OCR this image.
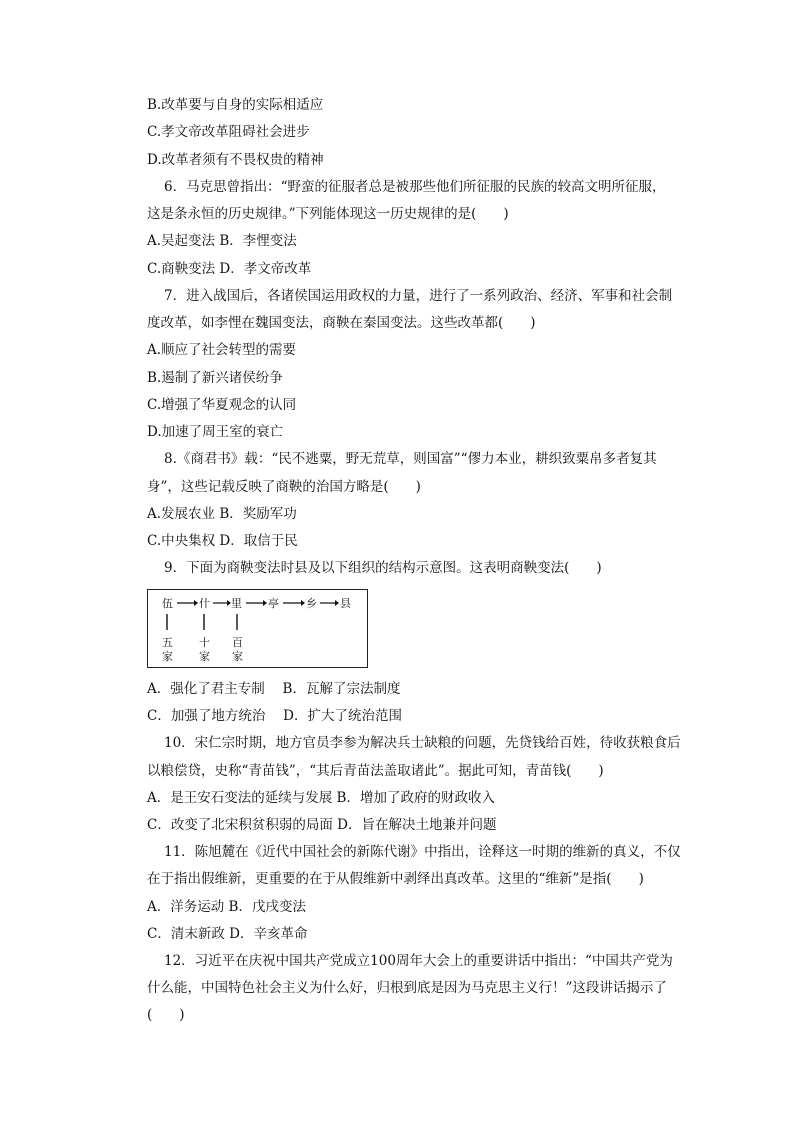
B.改革要与自身的实际相适应
C.孝文帝改革阻碍社会进步
D.改革者须有不畏权贵的精神
6．马克思曾指出：“野蛮的征服者总是被那些他们所征服的民族的较高文明所征服，
这是条永恒的历史规律。”下列能体现这一历史规律的是(　　)
A.吴起变法 B．李悝变法
C.商鞅变法 D．孝文帝改革
7．进入战国后，各诸侯国运用政权的力量，进行了一系列政治、经济、军事和社会制
度改革，如李悝在魏国变法，商鞅在秦国变法。这些改革都(　　)
A.顺应了社会转型的需要
B.遏制了新兴诸侯纷争
C.增强了华夏观念的认同
D.加速了周王室的衰亡
8.《商君书》载：“民不逃粟，野无荒草，则国富”“僇力本业，耕织致粟帛多者复其
身”，这些记载反映了商鞅的治国方略是(　　)
A.发展农业 B．奖励军功
C.中央集权 D．取信于民
9．下面为商鞅变法时县及以下组织的结构示意图。这表明商鞅变法(　　)
伍 什 里 亭 乡 县
五
家
十
家
百
家
A．强化了君主专制　 B．瓦解了宗法制度
C．加强了地方统治　 D．扩大了统治范围
10．宋仁宗时期，地方官员李参为解决兵士缺粮的问题，先贷钱给百姓，待收获粮食后
以粮偿贷，史称“青苗钱”，“其后青苗法盖取诸此”。据此可知，青苗钱(　　)
A．是王安石变法的延续与发展 B．增加了政府的财政收入
C．改变了北宋积贫积弱的局面 D．旨在解决土地兼并问题
11．陈旭麓在《近代中国社会的新陈代谢》中指出，诠释这一时期的维新的真义，不仅
在于指出假维新，更重要的在于从假维新中剥绎出真改革。这里的“维新”是指(　　)
A．洋务运动 B．戊戌变法
C．清末新政 D．辛亥革命
12．习近平在庆祝中国共产党成立100周年大会上的重要讲话中指出：“中国共产党为
什么能，中国特色社会主义为什么好，归根到底是因为马克思主义行！”这段讲话揭示了
(　　)
